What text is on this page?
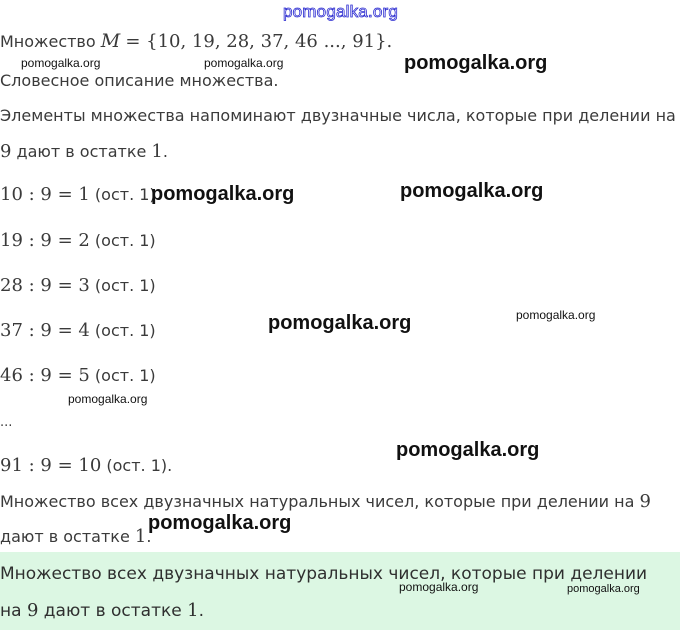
pomogalka.org
Множество M = {10, 19, 28, 37, 46 ..., 91}.
Словесное описание множества.
Элементы множества напоминают двузначные числа, которые при делении на
9 дают в остатке 1.
10 : 9 = 1 (ост. 1)
19 : 9 = 2 (ост. 1)
28 : 9 = 3 (ост. 1)
37 : 9 = 4 (ост. 1)
46 : 9 = 5 (ост. 1)
...
91 : 9 = 10 (ост. 1).
Множество всех двузначных натуральных чисел, которые при делении на 9
дают в остатке 1.
Множество всех двузначных натуральных чисел, которые при делении
на 9 дают в остатке 1.
pomogalka.org	pomogalka.org	pomogalka.org
pomogalka.org	pomogalka.org
pomogalka.org	pomogalka.org
pomogalka.org
pomogalka.org
pomogalka.org
pomogalka.org	pomogalka.org
